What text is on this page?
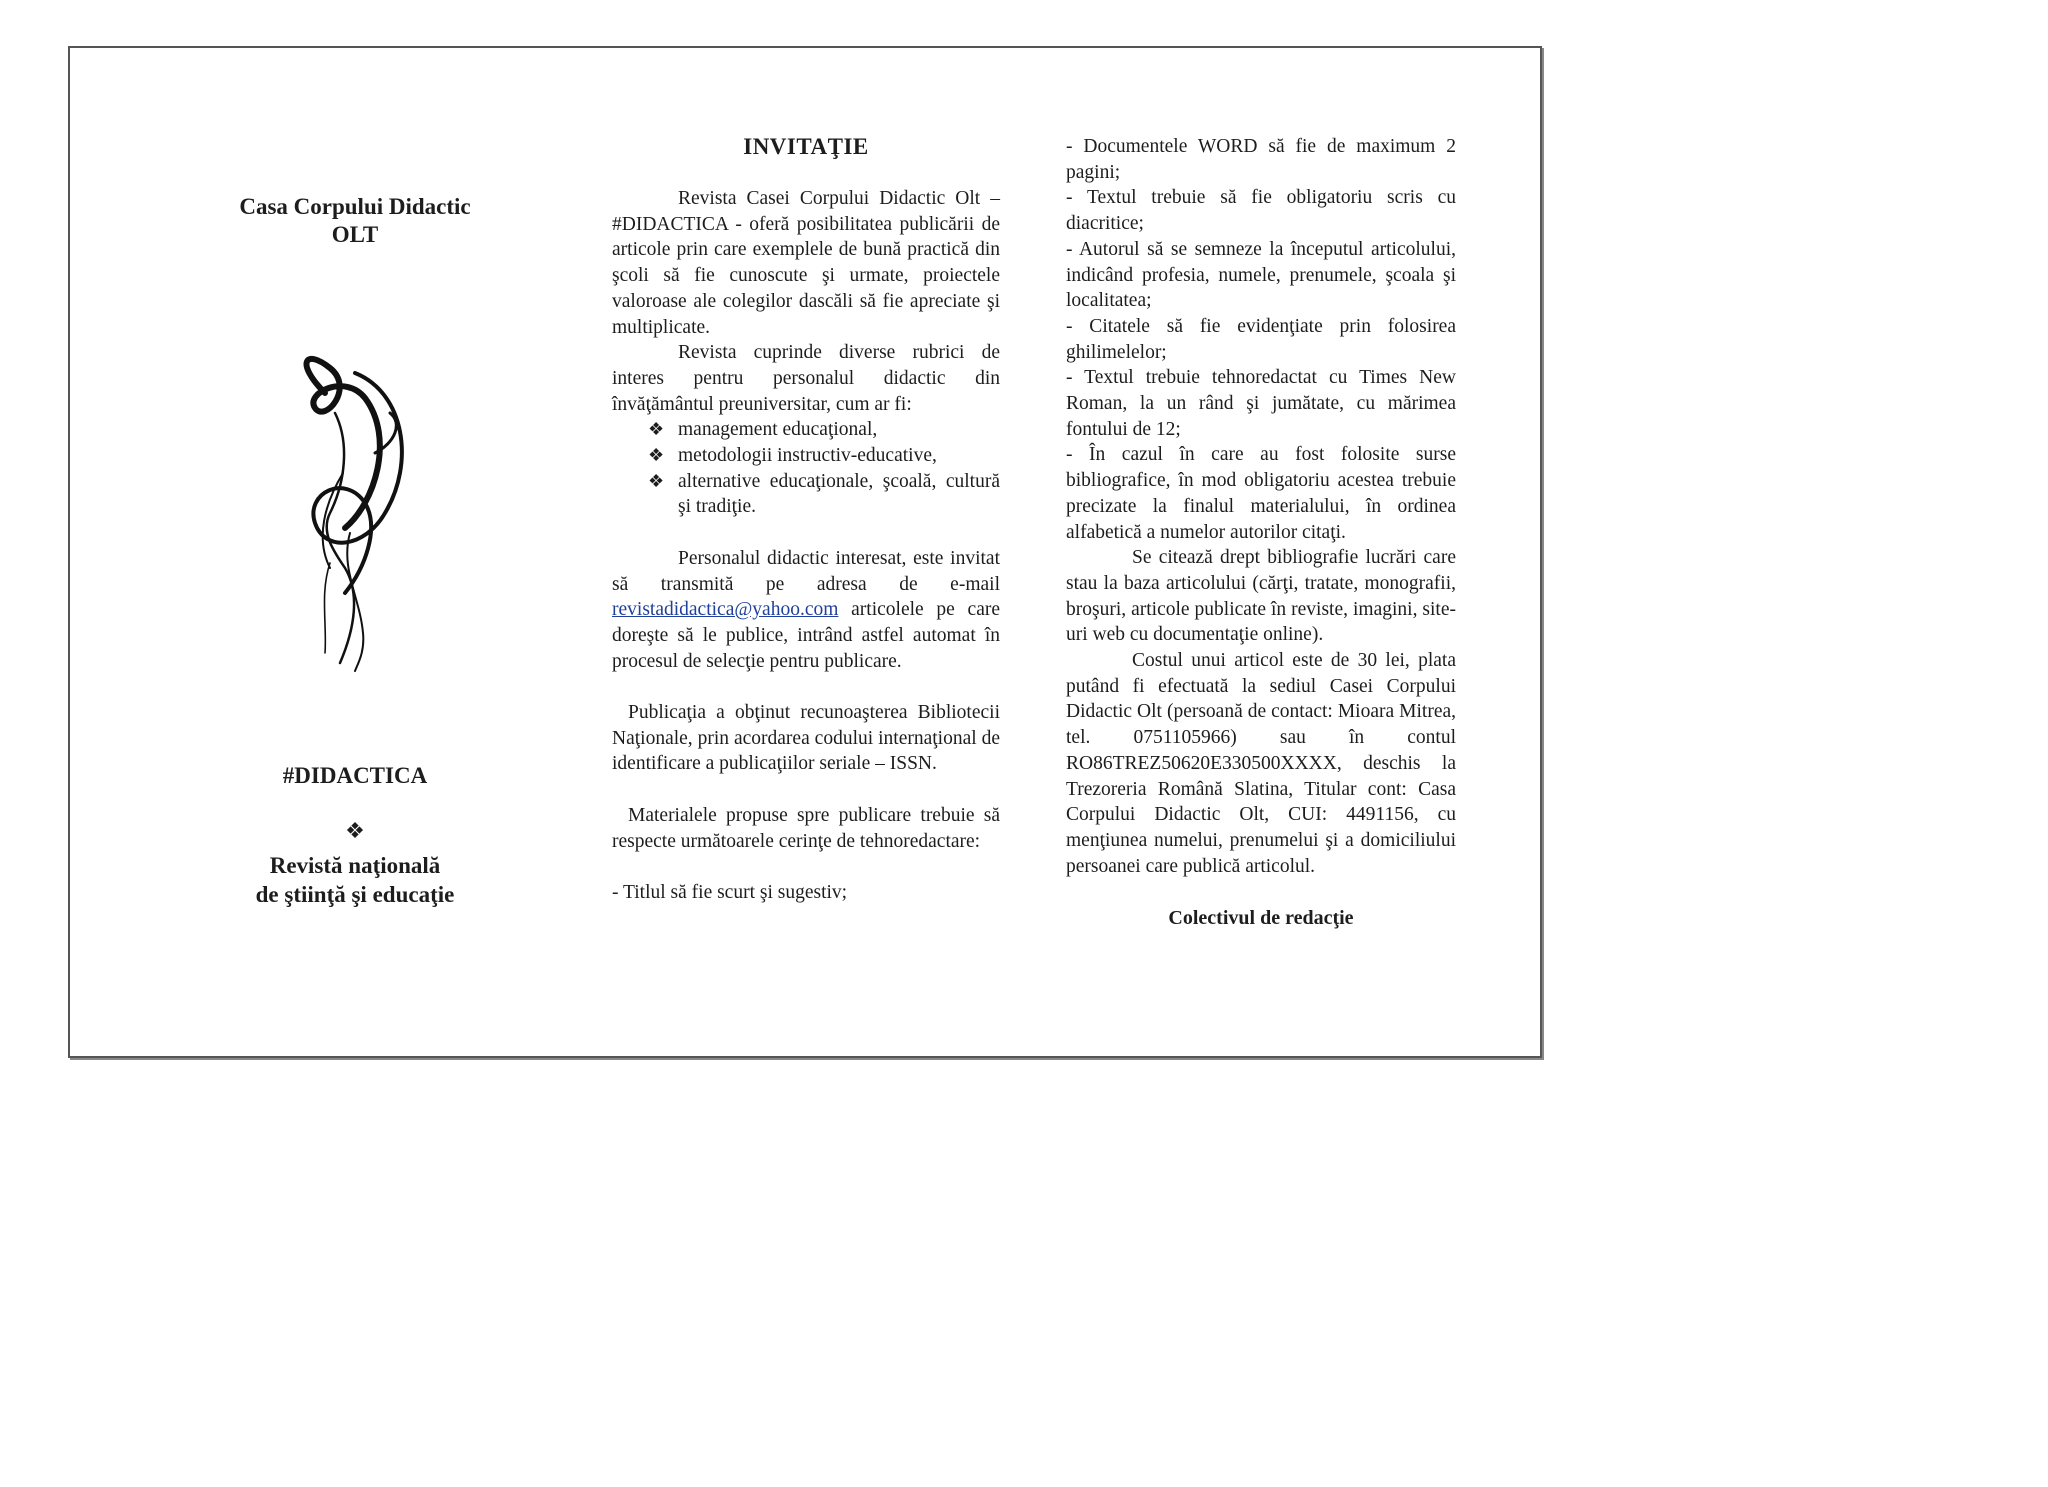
Casa Corpului Didactic
OLT
#DIDACTICA
❖
Revistă naţională
de ştiinţă şi educaţie
INVITAŢIE

Revista Casei Corpului Didactic Olt – #DIDACTICA - oferă posibilitatea publicării de articole prin care exemplele de bună practică din şcoli să fie cunoscute şi urmate, proiectele valoroase ale colegilor dascăli să fie apreciate şi multiplicate.

Revista cuprinde diverse rubrici de interes pentru personalul didactic din învăţământul preuniversitar, cum ar fi:

❖ management educaţional,
❖ metodologii instructiv-educative,
❖ alternative educaţionale, şcoală, cultură şi tradiţie.

Personalul didactic interesat, este invitat să transmită pe adresa de e-mail revistadidactica@yahoo.com articolele pe care doreşte să le publice, intrând astfel automat în procesul de selecţie pentru publicare.

Publicaţia a obţinut recunoaşterea Bibliotecii Naţionale, prin acordarea codului internaţional de identificare a publicaţiilor seriale – ISSN.

Materialele propuse spre publicare trebuie să respecte următoarele cerinţe de tehnoredactare:

- Titlul să fie scurt şi sugestiv;

- Documentele WORD să fie de maximum 2 pagini;

- Textul trebuie să fie obligatoriu scris cu diacritice;

- Autorul să se semneze la începutul articolului, indicând profesia, numele, prenumele, şcoala şi localitatea;

- Citatele să fie evidenţiate prin folosirea ghilimelelor;

- Textul trebuie tehnoredactat cu Times New Roman, la un rând şi jumătate, cu mărimea fontului de 12;

- În cazul în care au fost folosite surse bibliografice, în mod obligatoriu acestea trebuie precizate la finalul materialului, în ordinea alfabetică a numelor autorilor citaţi.

Se citează drept bibliografie lucrări care stau la baza articolului (cărţi, tratate, monografii, broşuri, articole publicate în reviste, imagini, site-uri web cu documentaţie online).

Costul unui articol este de 30 lei, plata putând fi efectuată la sediul Casei Corpului Didactic Olt (persoană de contact: Mioara Mitrea, tel. 0751105966) sau în contul RO86TREZ50620E330500XXXX, deschis la Trezoreria Română Slatina, Titular cont: Casa Corpului Didactic Olt, CUI: 4491156, cu menţiunea numelui, prenumelui şi a domiciliului persoanei care publică articolul.

Colectivul de redacţie
